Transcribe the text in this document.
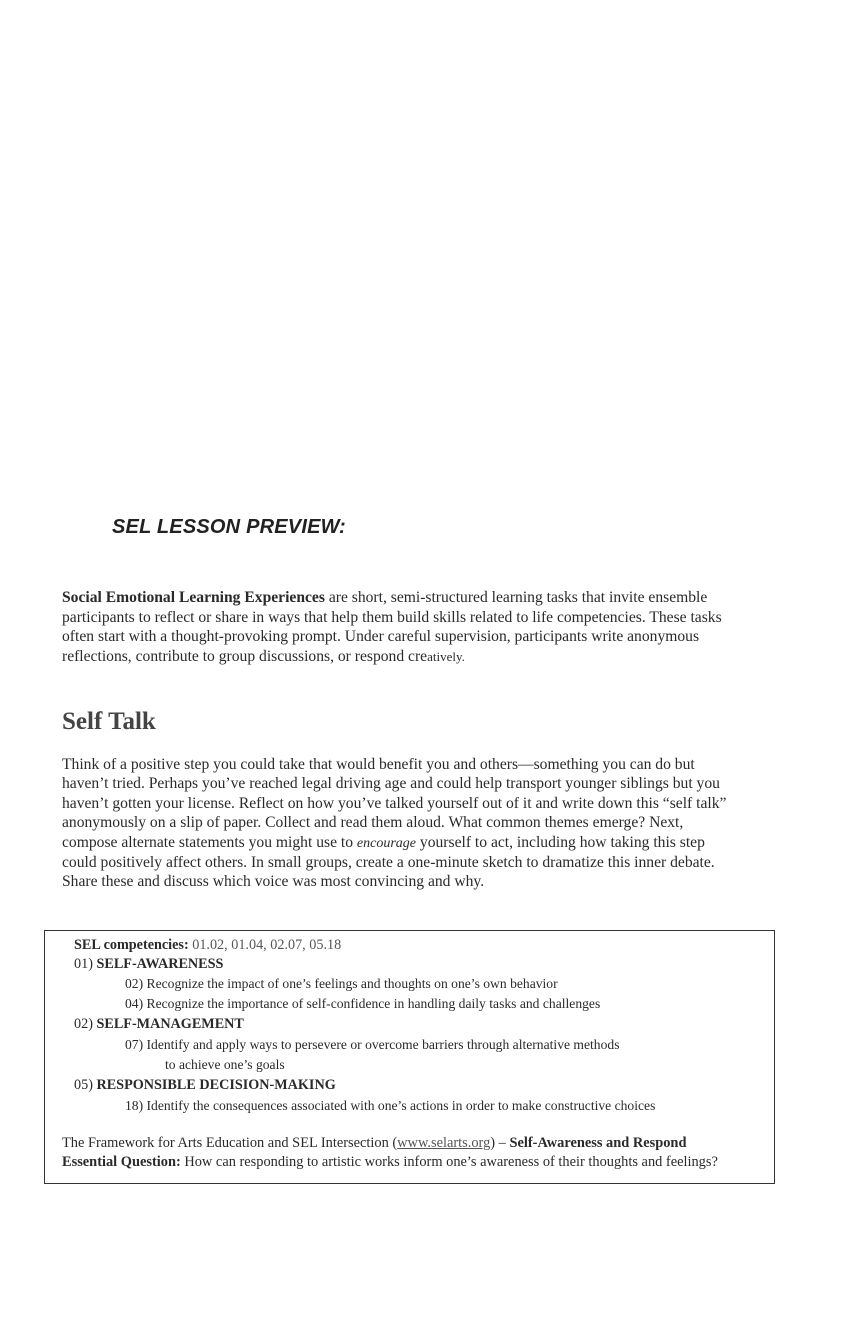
SEL LESSON PREVIEW:

Social Emotional Learning Experiences are short, semi-structured learning tasks that invite ensemble participants to reflect or share in ways that help them build skills related to life competencies. These tasks often start with a thought-provoking prompt. Under careful supervision, participants write anonymous reflections, contribute to group discussions, or respond creatively.

Self Talk

Think of a positive step you could take that would benefit you and others—something you can do but haven’t tried. Perhaps you’ve reached legal driving age and could help transport younger siblings but you haven’t gotten your license. Reflect on how you’ve talked yourself out of it and write down this “self talk” anonymously on a slip of paper. Collect and read them aloud. What common themes emerge? Next, compose alternate statements you might use to encourage yourself to act, including how taking this step could positively affect others. In small groups, create a one-minute sketch to dramatize this inner debate. Share these and discuss which voice was most convincing and why.

SEL competencies: 01.02, 01.04, 02.07, 05.18

01) SELF-AWARENESS

02) Recognize the impact of one’s feelings and thoughts on one’s own behavior

04) Recognize the importance of self-confidence in handling daily tasks and challenges

02) SELF-MANAGEMENT

07) Identify and apply ways to persevere or overcome barriers through alternative methods

to achieve one’s goals

05) RESPONSIBLE DECISION-MAKING

18) Identify the consequences associated with one’s actions in order to make constructive choices

The Framework for Arts Education and SEL Intersection (www.selarts.org) – Self-Awareness and Respond

Essential Question: How can responding to artistic works inform one’s awareness of their thoughts and feelings?
